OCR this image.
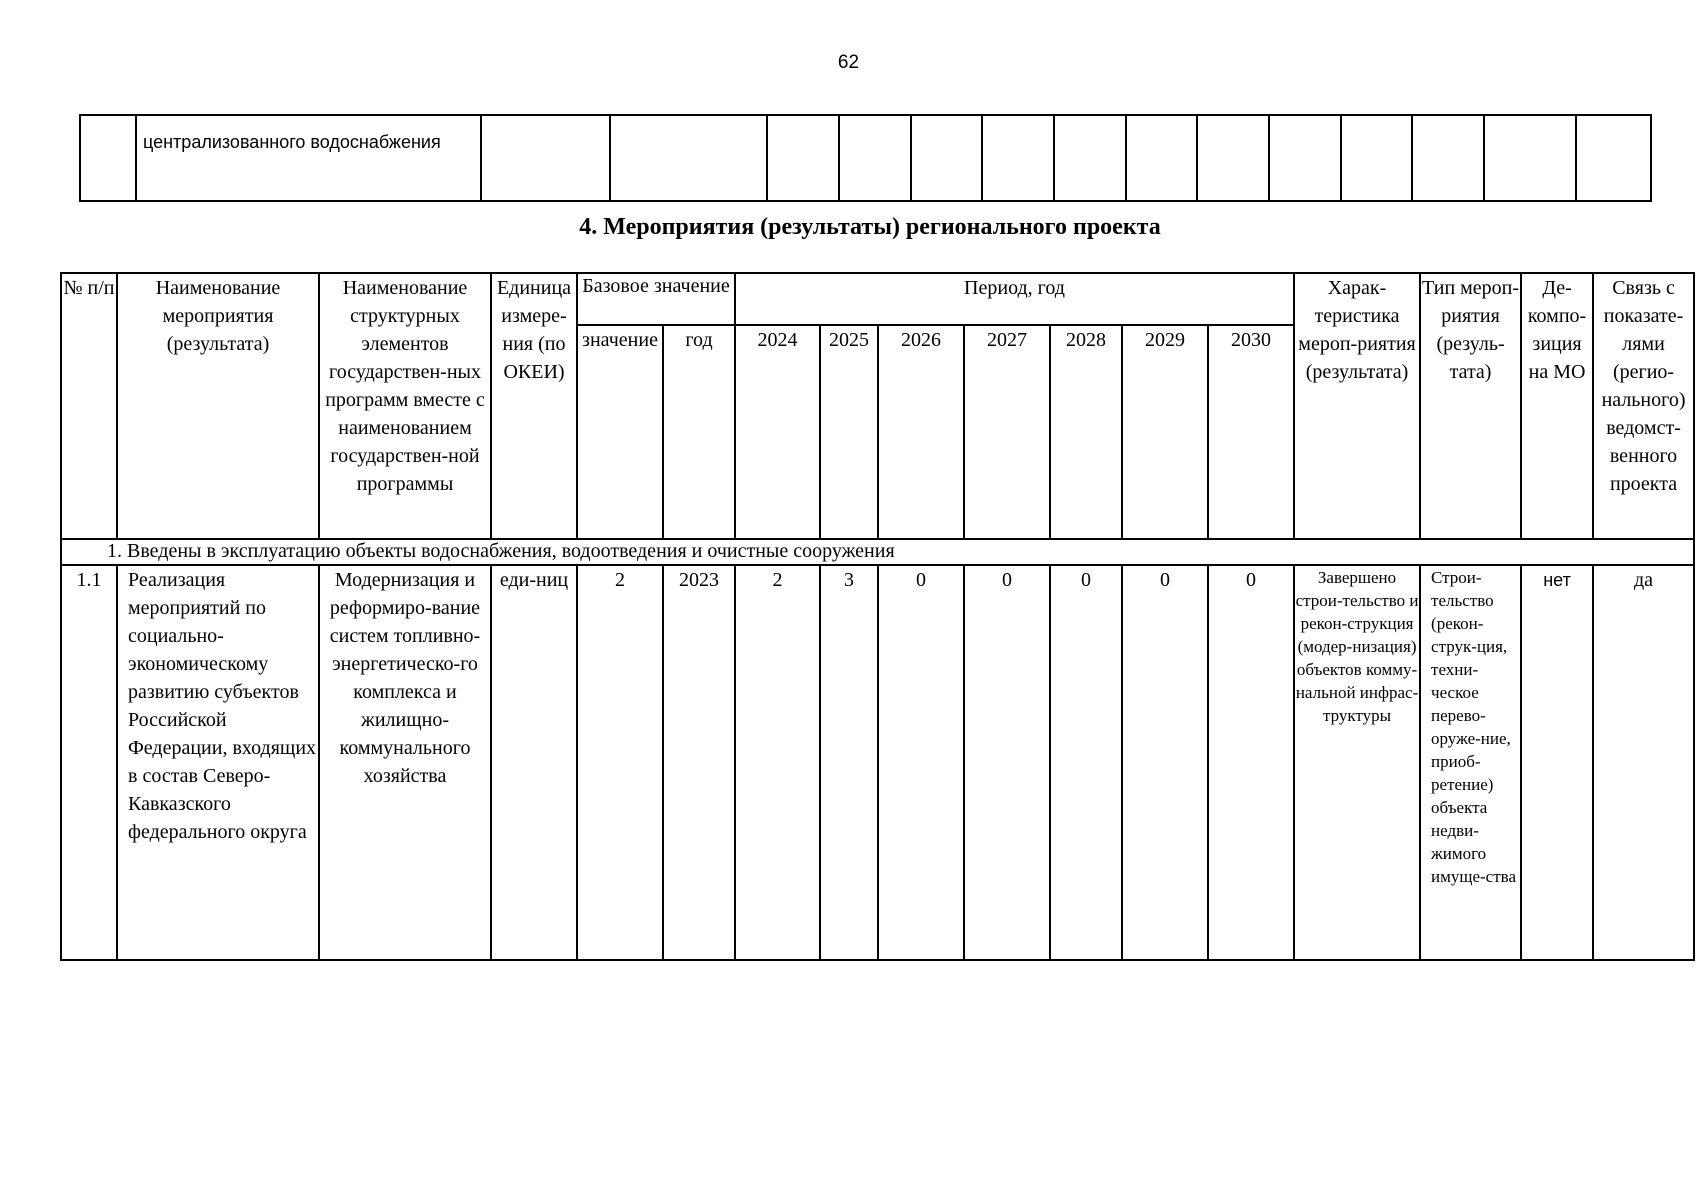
62
	централизованного водоснабжения														
4. Мероприятия (результаты) регионального проекта
№ п/п	Наименование мероприятия (результата)	Наименование структурных элементов государствен-ных программ вместе с наименованием государствен-ной программы	Единица измере-ния (по ОКЕИ)	Базовое значение		Период, год							Харак-теристика мероп-риятия (результата)	Тип мероп-риятия (резуль-тата)	Де-компо-зиция на МО	Связь с показате-лями (регио-нального) ведомст-венного проекта
				значение	год	2024	2025	2026	2027	2028	2029	2030				
1. Введены в эксплуатацию объекты водоснабжения, водоотведения и очистные сооружения																
1.1	Реализация мероприятий по социально-экономическому развитию субъектов Российской Федерации, входящих в состав Северо-Кавказского федерального округа	Модернизация и реформиро-вание систем топливно-энергетическо-го комплекса и жилищно-коммунального хозяйства	еди-ниц	2	2023	2	3	0	0	0	0	0	Завершено строи-тельство и рекон-струкция (модер-низация) объектов комму-нальной инфрас-труктуры	Строи-тельство (рекон-струк-ция, техни-ческое перево-оруже-ние, приоб-ретение) объекта недви-жимого имуще-ства	нет	да
